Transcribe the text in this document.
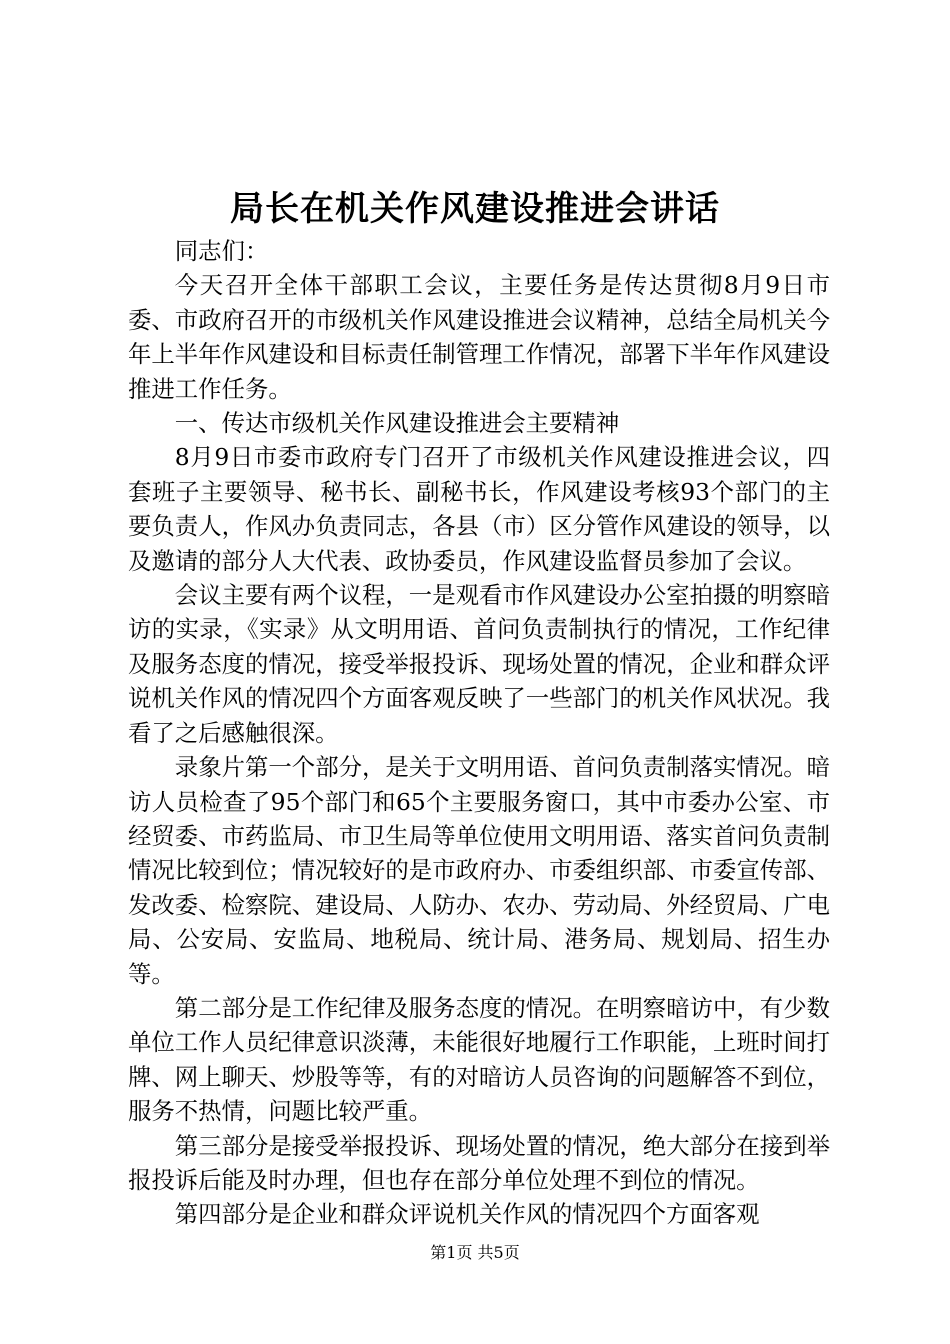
局长在机关作风建设推进会讲话

同志们：

今天召开全体干部职工会议，主要任务是传达贯彻8月9日市委、市政府召开的市级机关作风建设推进会议精神，总结全局机关今年上半年作风建设和目标责任制管理工作情况，部署下半年作风建设推进工作任务。

一、传达市级机关作风建设推进会主要精神

8月9日市委市政府专门召开了市级机关作风建设推进会议，四套班子主要领导、秘书长、副秘书长，作风建设考核93个部门的主要负责人，作风办负责同志，各县（市）区分管作风建设的领导，以及邀请的部分人大代表、政协委员，作风建设监督员参加了会议。

会议主要有两个议程，一是观看市作风建设办公室拍摄的明察暗访的实录，《实录》从文明用语、首问负责制执行的情况，工作纪律及服务态度的情况，接受举报投诉、现场处置的情况，企业和群众评说机关作风的情况四个方面客观反映了一些部门的机关作风状况。我看了之后感触很深。

录象片第一个部分，是关于文明用语、首问负责制落实情况。暗访人员检查了95个部门和65个主要服务窗口，其中市委办公室、市经贸委、市药监局、市卫生局等单位使用文明用语、落实首问负责制情况比较到位；情况较好的是市政府办、市委组织部、市委宣传部、发改委、检察院、建设局、人防办、农办、劳动局、外经贸局、广电局、公安局、安监局、地税局、统计局、港务局、规划局、招生办等。

第二部分是工作纪律及服务态度的情况。在明察暗访中，有少数单位工作人员纪律意识淡薄，未能很好地履行工作职能，上班时间打牌、网上聊天、炒股等等，有的对暗访人员咨询的问题解答不到位，服务不热情，问题比较严重。

第三部分是接受举报投诉、现场处置的情况，绝大部分在接到举报投诉后能及时办理，但也存在部分单位处理不到位的情况。

第四部分是企业和群众评说机关作风的情况四个方面客观

第1页 共5页
